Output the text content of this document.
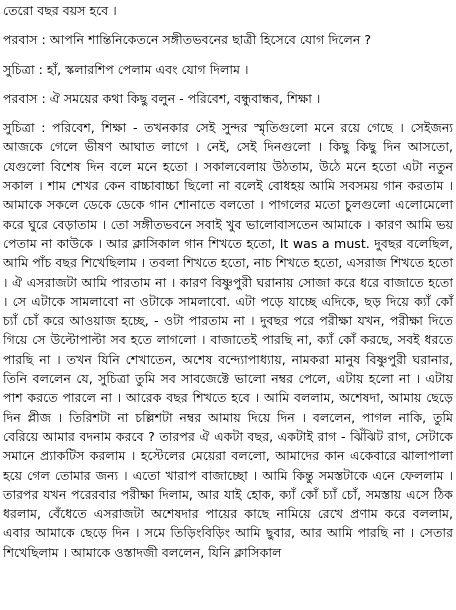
তেরো বছর বয়স হবে ।

পরবাস : আপনি শান্তিনিকেতনে সঙ্গীতভবনের ছাত্রী হিসেবে যোগ দিলেন ?

সুচিত্রা : হাঁ, স্কলারশিপ পেলাম এবং যোগ দিলাম ।

পরবাস : ঐ সময়ের কথা কিছু বলুন - পরিবেশ, বন্ধুবান্ধব, শিক্ষা ।

সুচিত্রা : পরিবেশ, শিক্ষা - তখনকার সেই সুন্দর স্মৃতিগুলো মনে রয়ে গেছে । সেইজন্য আজকে গেলে ভীষণ আঘাত লাগে । নেই, সেই দিনগুলো । কিছু কিছু দিন আসতো, যেগুলো বিশেষ দিন বলে মনে হতো । সকালবেলায় উঠতাম, উঠে মনে হতো এটা নতুন সকাল । শাম শেখর কেন বাচ্চাবাচ্চা ছিলো না বলেই বোধহয় আমি সবসময় গান করতাম । আমাকে সকলে ডেকে ডেকে গান শোনাতে বলতো । পাগলের মতো চুলগুলো এলোমেলো করে ঘুরে বেড়াতাম । তো সঙ্গীতভবনে সবাই খুব ভালোবাসতেন আমাকে । কারণ আমি ভয় পেতাম না কাউকে । আর ক্লাসিকাল গান শিখতে হতো, It was a must. দুবছর বলেছিল, আমি পাঁচ বছর শিখেছিলাম । তবলা শিখতে হতো, নাচ শিখতে হতো, এসরাজ শিখতে হতো । ঐ এসরাজটা আমি পারতাম না । কারণ বিষ্ণুপুরী ঘরানায় সোজা করে ধরে বাজাতে হতো । সে এটাকে সামলাবো না ওটাকে সামলাবো. এটা পড়ে যাচ্ছে এদিকে, ছড় দিয়ে ক্যাঁ কোঁ চ্যাঁ চোঁ করে আওয়াজ হচ্ছে, - ওটা পারতাম না । দুবছর পরে পরীক্ষা যখন, পরীক্ষা দিতে গিয়ে সে উল্টোপাল্টা সব হতে লাগলো । বাজাতেই পারছি না, ক্যাঁ কোঁ করছে, সবই ধরতে পারছি না । তখন যিনি শেখাতেন, অশেষ বন্দ্যোপাধ্যায়, নামকরা মানুষ বিষ্ণুপুরী ঘরানার, তিনি বললেন যে, সুচিত্রা তুমি সব সাবজেক্টে ভালো নম্বর পেলে, এটায় হলো না । এটায় পাশ করতে পারলে না । আরেক বছর শিখতে হবে । আমি বললাম, অশেষদা, আমায় ছেড়ে দিন প্লীজ । তিরিশটা না চল্লিশটা নম্বর আমায় দিয়ে দিন । বললেন, পাগল নাকি, তুমি বেরিয়ে আমার বদনাম করবে ? তারপর ঐ একটা বছর, একটাই রাগ - ঝিঁঝিট রাগ, সেটাকে সমানে প্র্যাকটিস করলাম । হস্টেলের মেয়েরা বললো, আমাদের কান একেবারে ঝালাপালা হয়ে গেল তোমার জন্য । এতো খারাপ বাজাচ্ছো । আমি কিন্তু সমস্তটাকে এনে ফেললাম । তারপর যখন পরেরবার পরীক্ষা দিলাম, আর যাই হোক, ক্যাঁ কোঁ চ্যাঁ চোঁ, সমস্তায় এসে ঠিক ধরলাম, বেঁধেতে এসরাজটা অশেষদার পায়ের কাছে নামিয়ে রেখে প্রণাম করে বললাম, এবার আমাকে ছেড়ে দিন । সমে তিড়িংবিড়িং আমি ছুবার, আর আমি পারছি না । সেতার শিখেছিলাম । আমাকে ওস্তাদজী বললেন, যিনি ক্লাসিকাল
